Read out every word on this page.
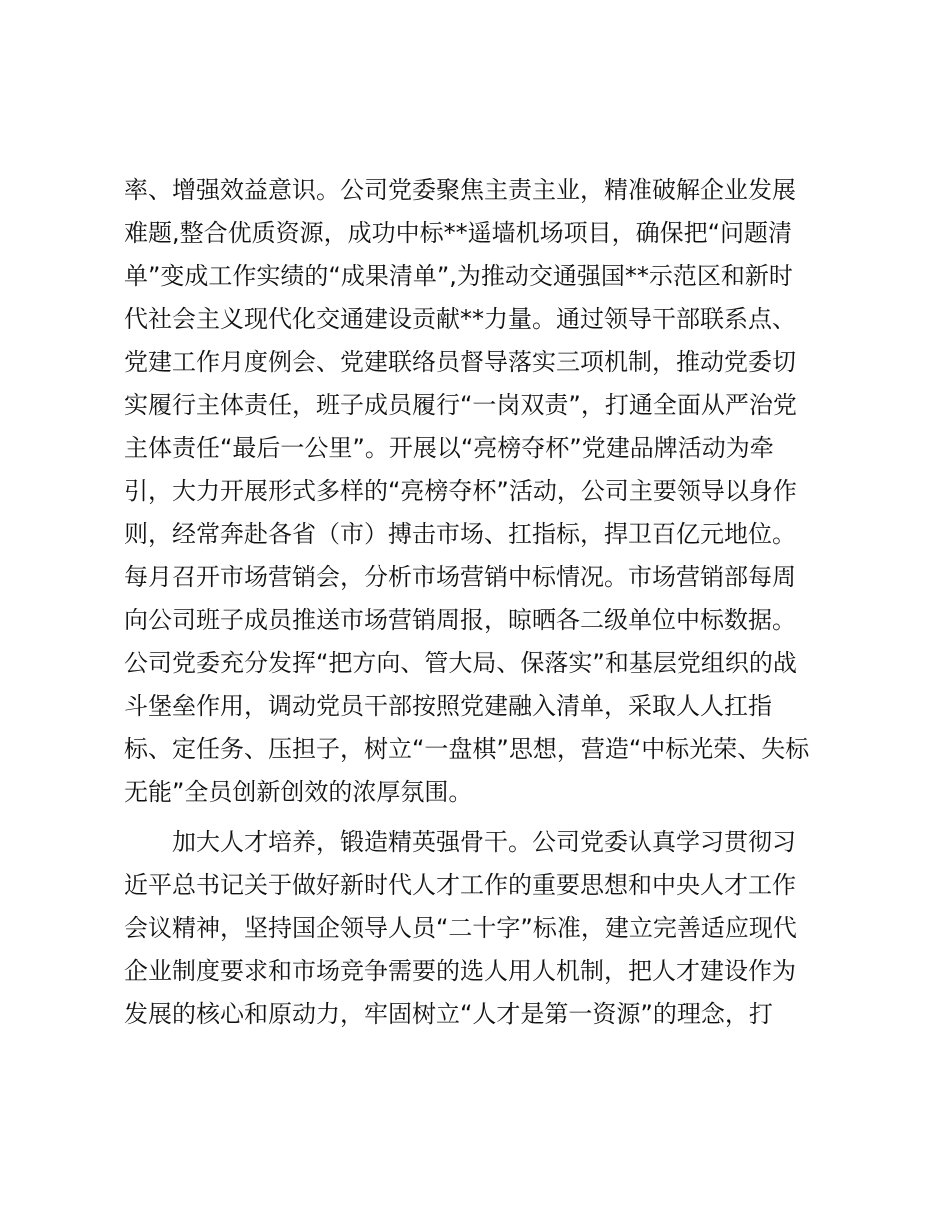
率、增强效益意识。公司党委聚焦主责主业，精准破解企业发展
难题,整合优质资源，成功中标**遥墙机场项目，确保把“问题清
单”变成工作实绩的“成果清单”,为推动交通强国**示范区和新时
代社会主义现代化交通建设贡献**力量。通过领导干部联系点、
党建工作月度例会、党建联络员督导落实三项机制，推动党委切
实履行主体责任，班子成员履行“一岗双责”，打通全面从严治党
主体责任“最后一公里”。开展以“亮榜夺杯”党建品牌活动为牵
引，大力开展形式多样的“亮榜夺杯”活动，公司主要领导以身作
则，经常奔赴各省（市）搏击市场、扛指标，捍卫百亿元地位。
每月召开市场营销会，分析市场营销中标情况。市场营销部每周
向公司班子成员推送市场营销周报，晾晒各二级单位中标数据。
公司党委充分发挥“把方向、管大局、保落实”和基层党组织的战
斗堡垒作用，调动党员干部按照党建融入清单，采取人人扛指
标、定任务、压担子，树立“一盘棋”思想，营造“中标光荣、失标
无能”全员创新创效的浓厚氛围。
加大人才培养，锻造精英强骨干。公司党委认真学习贯彻习
近平总书记关于做好新时代人才工作的重要思想和中央人才工作
会议精神，坚持国企领导人员“二十字”标准，建立完善适应现代
企业制度要求和市场竞争需要的选人用人机制，把人才建设作为
发展的核心和原动力，牢固树立“人才是第一资源”的理念，打
